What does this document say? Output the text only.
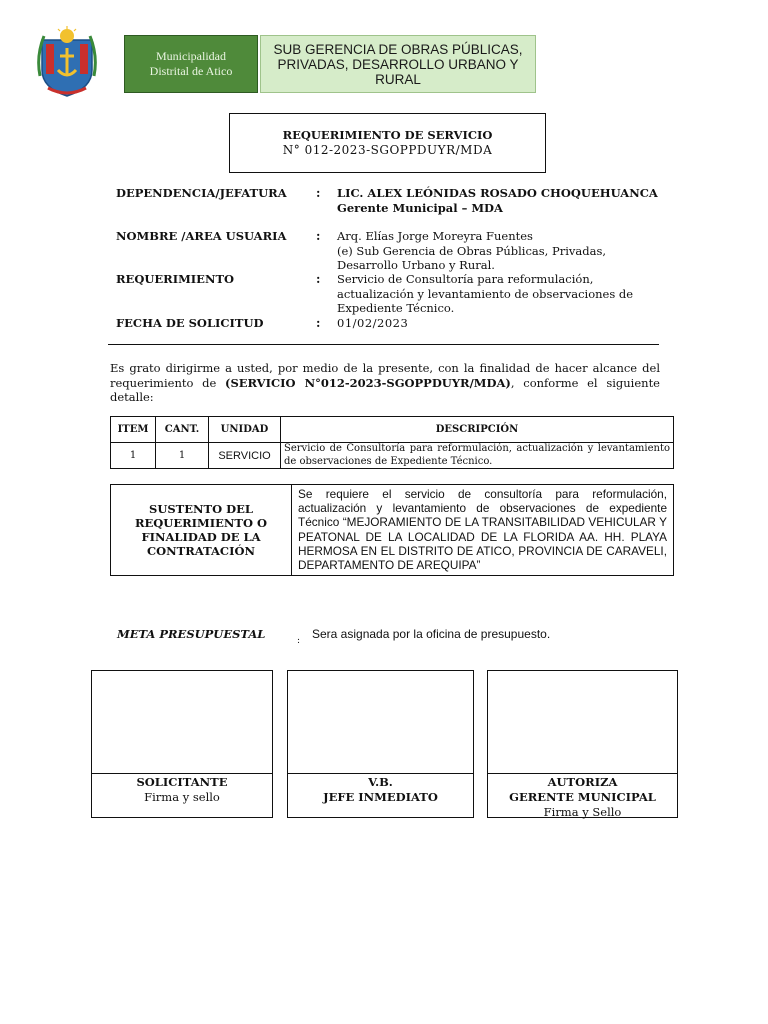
Municipalidad
Distrital de Atico
SUB GERENCIA DE OBRAS PÚBLICAS,
PRIVADAS, DESARROLLO URBANO Y
RURAL
REQUERIMIENTO DE SERVICIO
N° 012-2023-SGOPPDUYR/MDA
DEPENDENCIA/JEFATURA : LIC. ALEX LEÓNIDAS ROSADO CHOQUEHUANCA
Gerente Municipal – MDA
NOMBRE /AREA USUARIA : Arq. Elías Jorge Moreyra Fuentes
(e) Sub Gerencia de Obras Públicas, Privadas,
Desarrollo Urbano y Rural.
REQUERIMIENTO	: Servicio de Consultoría para reformulación,
actualización y levantamiento de observaciones de
Expediente Técnico.
FECHA DE SOLICITUD	: 01/02/2023
Es grato dirigirme a usted, por medio de la presente, con la finalidad de hacer alcance del requerimiento de (SERVICIO N°012-2023-SGOPPDUYR/MDA), conforme el siguiente detalle:
ITEM	CANT.	UNIDAD	DESCRIPCIÓN
1	1	SERVICIO	Servicio de Consultoría para reformulación, actualización y levantamiento de observaciones de Expediente Técnico.
SUSTENTO DEL REQUERIMIENTO O FINALIDAD DE LA CONTRATACIÓN	Se requiere el servicio de consultoría para reformulación, actualización y levantamiento de observaciones de expediente Técnico “MEJORAMIENTO DE LA TRANSITABILIDAD VEHICULAR Y PEATONAL DE LA LOCALIDAD DE LA FLORIDA AA. HH. PLAYA HERMOSA EN EL DISTRITO DE ATICO, PROVINCIA DE CARAVELI, DEPARTAMENTO DE AREQUIPA”
META PRESUPUESTAL	: Sera asignada por la oficina de presupuesto.
SOLICITANTE
Firma y sello
V.B.
JEFE INMEDIATO
AUTORIZA
GERENTE MUNICIPAL
Firma y Sello
